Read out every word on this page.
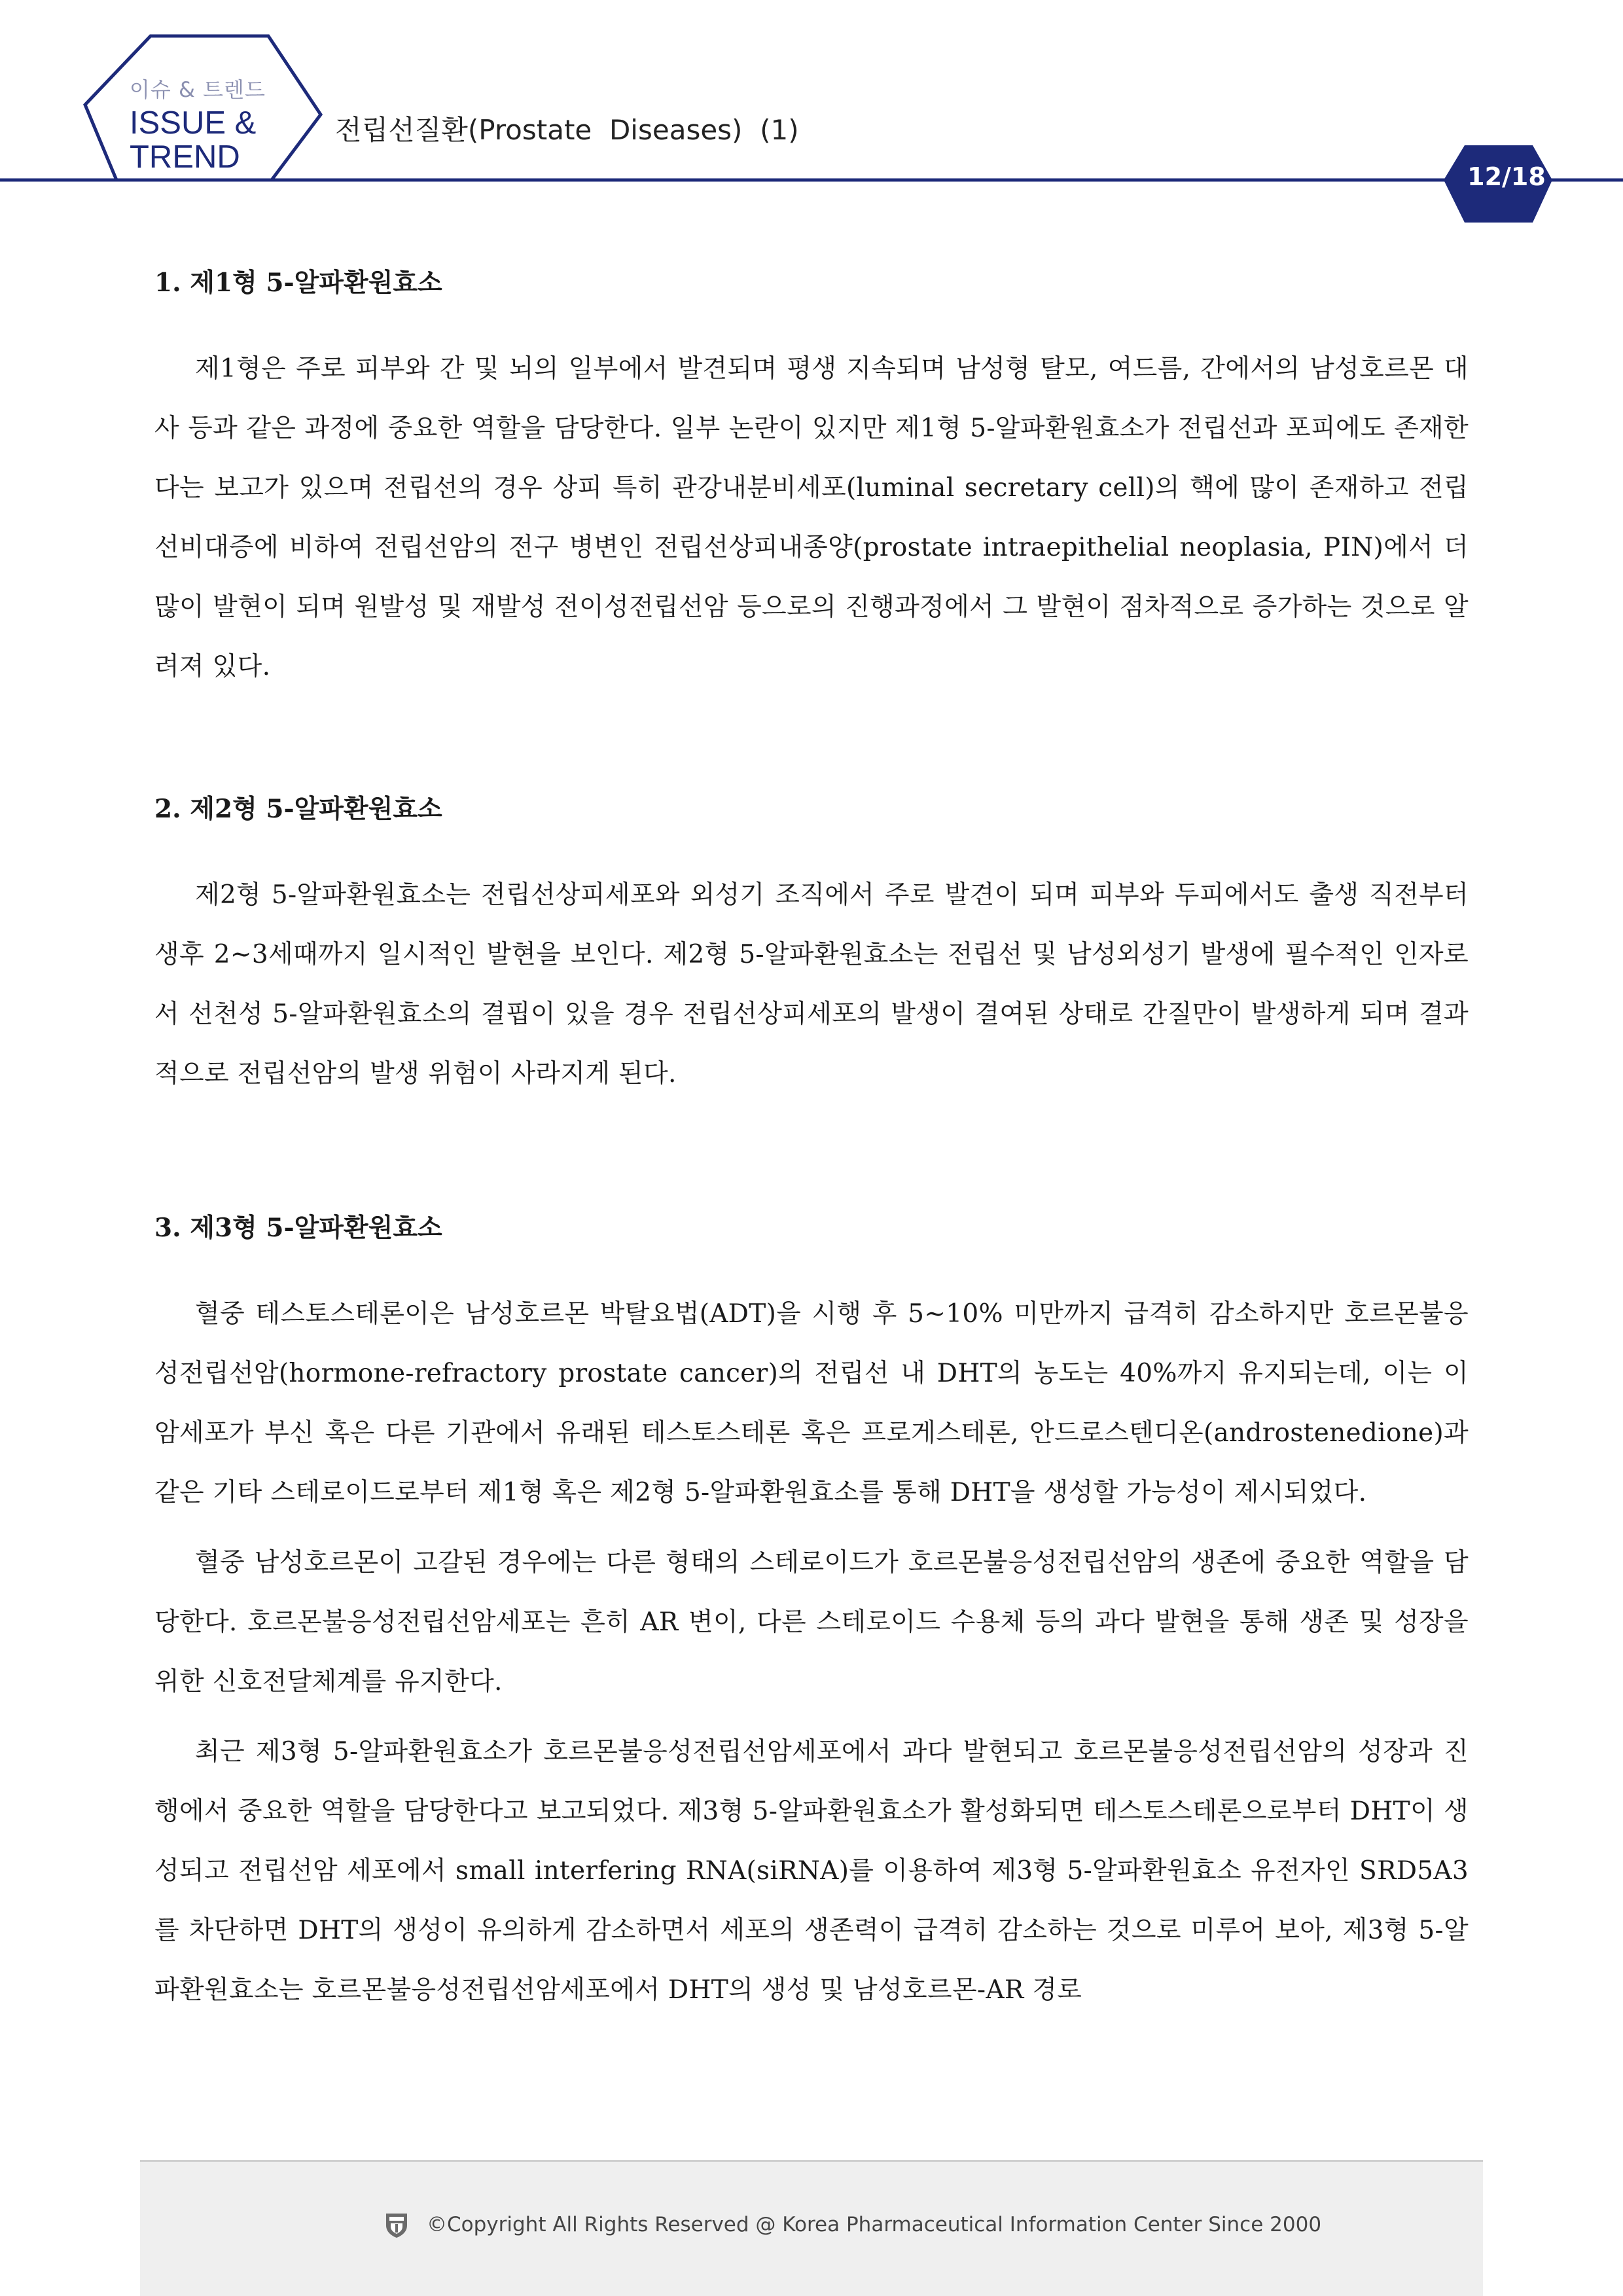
이슈 & 트렌드
ISSUE &
TREND
전립선질환(Prostate  Diseases)  (1)
12/18
1. 제1형 5-알파환원효소

제1형은 주로 피부와 간 및 뇌의 일부에서 발견되며 평생 지속되며 남성형 탈모, 여드름, 간에서의 남성호르몬 대사 등과 같은 과정에 중요한 역할을 담당한다. 일부 논란이 있지만 제1형 5-알파환원효소가 전립선과 포피에도 존재한다는 보고가 있으며 전립선의 경우 상피 특히 관강내분비세포(luminal secretary cell)의 핵에 많이 존재하고 전립선비대증에 비하여 전립선암의 전구 병변인 전립선상피내종양(prostate intraepithelial neoplasia, PIN)에서 더 많이 발현이 되며 원발성 및 재발성 전이성전립선암 등으로의 진행과정에서 그 발현이 점차적으로 증가하는 것으로 알려져 있다.

2. 제2형 5-알파환원효소

제2형 5-알파환원효소는 전립선상피세포와 외성기 조직에서 주로 발견이 되며 피부와 두피에서도 출생 직전부터 생후 2~3세때까지 일시적인 발현을 보인다. 제2형 5-알파환원효소는 전립선 및 남성외성기 발생에 필수적인 인자로서 선천성 5-알파환원효소의 결핍이 있을 경우 전립선상피세포의 발생이 결여된 상태로 간질만이 발생하게 되며 결과적으로 전립선암의 발생 위험이 사라지게 된다.

3. 제3형 5-알파환원효소

혈중 테스토스테론이은 남성호르몬 박탈요법(ADT)을 시행 후 5∼10% 미만까지 급격히 감소하지만 호르몬불응성전립선암(hormone-refractory prostate cancer)의 전립선 내 DHT의 농도는 40%까지 유지되는데, 이는 이 암세포가 부신 혹은 다른 기관에서 유래된 테스토스테론 혹은 프로게스테론, 안드로스텐디온(androstenedione)과 같은 기타 스테로이드로부터 제1형 혹은 제2형 5-알파환원효소를 통해 DHT을 생성할 가능성이 제시되었다.

혈중 남성호르몬이 고갈된 경우에는 다른 형태의 스테로이드가 호르몬불응성전립선암의 생존에 중요한 역할을 담당한다. 호르몬불응성전립선암세포는 흔히 AR 변이, 다른 스테로이드 수용체 등의 과다 발현을 통해 생존 및 성장을 위한 신호전달체계를 유지한다.

최근 제3형 5-알파환원효소가 호르몬불응성전립선암세포에서 과다 발현되고 호르몬불응성전립선암의 성장과 진행에서 중요한 역할을 담당한다고 보고되었다. 제3형 5-알파환원효소가 활성화되면 테스토스테론으로부터 DHT이 생성되고 전립선암 세포에서 small interfering RNA(siRNA)를 이용하여 제3형 5-알파환원효소 유전자인 SRD5A3를 차단하면 DHT의 생성이 유의하게 감소하면서 세포의 생존력이 급격히 감소하는 것으로 미루어 보아, 제3형 5-알파환원효소는 호르몬불응성전립선암세포에서 DHT의 생성 및 남성호르몬-AR 경로

©Copyright All Rights Reserved @ Korea Pharmaceutical Information Center Since 2000
